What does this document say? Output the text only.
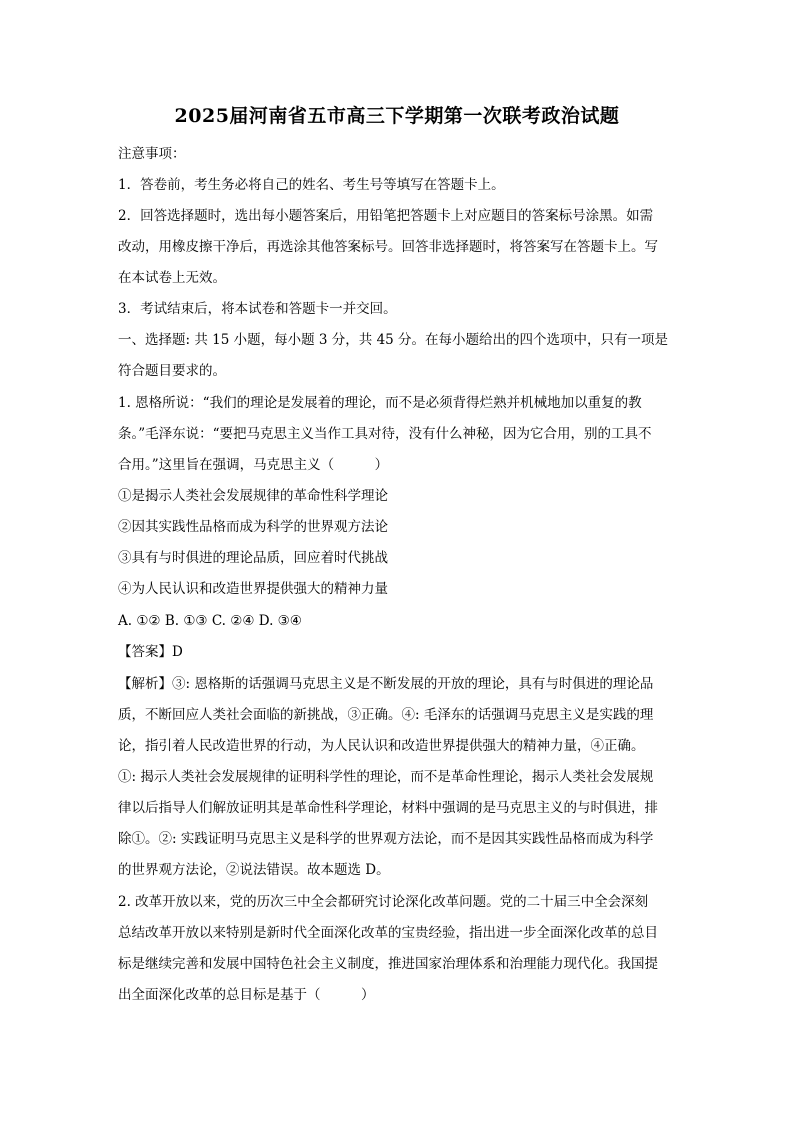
2025届河南省五市高三下学期第一次联考政治试题
注意事项：
1．答卷前，考生务必将自己的姓名、考生号等填写在答题卡上。
2．回答选择题时，选出每小题答案后，用铅笔把答题卡上对应题目的答案标号涂黑。如需
改动，用橡皮擦干净后，再选涂其他答案标号。回答非选择题时，将答案写在答题卡上。写
在本试卷上无效。
3．考试结束后，将本试卷和答题卡一并交回。
一、选择题: 共 15 小题，每小题 3 分，共 45 分。在每小题给出的四个选项中，只有一项是
符合题目要求的。
1. 恩格所说：“我们的理论是发展着的理论，而不是必须背得烂熟并机械地加以重复的教
条。”毛泽东说：“要把马克思主义当作工具对待，没有什么神秘，因为它合用，别的工具不
合用。”这里旨在强调，马克思主义（　　　）
①是揭示人类社会发展规律的革命性科学理论
②因其实践性品格而成为科学的世界观方法论
③具有与时俱进的理论品质，回应着时代挑战
④为人民认识和改造世界提供强大的精神力量
A. ①② B. ①③ C. ②④ D. ③④
【答案】D
【解析】③: 恩格斯的话强调马克思主义是不断发展的开放的理论，具有与时俱进的理论品
质，不断回应人类社会面临的新挑战，③正确。④: 毛泽东的话强调马克思主义是实践的理
论，指引着人民改造世界的行动，为人民认识和改造世界提供强大的精神力量，④正确。
①: 揭示人类社会发展规律的证明科学性的理论，而不是革命性理论，揭示人类社会发展规
律以后指导人们解放证明其是革命性科学理论，材料中强调的是马克思主义的与时俱进，排
除①。②: 实践证明马克思主义是科学的世界观方法论，而不是因其实践性品格而成为科学
的世界观方法论，②说法错误。故本题选 D。
2. 改革开放以来，党的历次三中全会都研究讨论深化改革问题。党的二十届三中全会深刻
总结改革开放以来特别是新时代全面深化改革的宝贵经验，指出进一步全面深化改革的总目
标是继续完善和发展中国特色社会主义制度，推进国家治理体系和治理能力现代化。我国提
出全面深化改革的总目标是基于（　　　）
